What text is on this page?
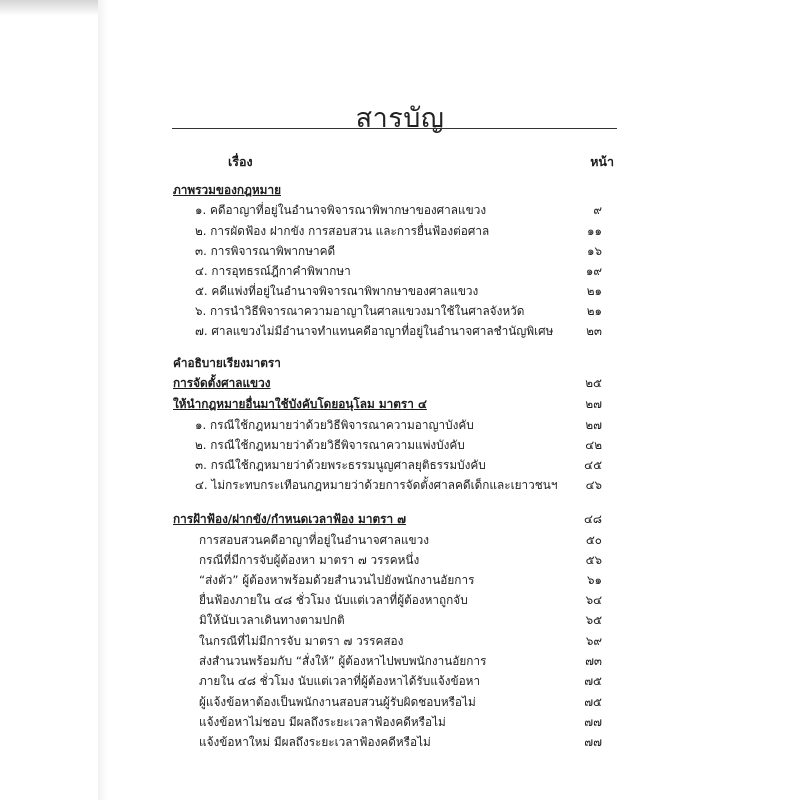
สารบัญ
เรื่อง	หน้า
ภาพรวมของกฎหมาย
๑. คดีอาญาที่อยู่ในอำนาจพิจารณาพิพากษาของศาลแขวง	๙
๒. การผัดฟ้อง ฝากขัง การสอบสวน และการยื่นฟ้องต่อศาล	๑๑
๓. การพิจารณาพิพากษาคดี	๑๖
๔. การอุทธรณ์ฎีกาคำพิพากษา	๑๙
๕. คดีแพ่งที่อยู่ในอำนาจพิจารณาพิพากษาของศาลแขวง	๒๑
๖. การนำวิธีพิจารณาความอาญาในศาลแขวงมาใช้ในศาลจังหวัด	๒๑
๗. ศาลแขวงไม่มีอำนาจทำแทนคดีอาญาที่อยู่ในอำนาจศาลชำนัญพิเศษ	๒๓
คำอธิบายเรียงมาตรา
การจัดตั้งศาลแขวง	๒๕
ให้นำกฎหมายอื่นมาใช้บังคับโดยอนุโลม มาตรา ๔	๒๗
๑. กรณีใช้กฎหมายว่าด้วยวิธีพิจารณาความอาญาบังคับ	๒๗
๒. กรณีใช้กฎหมายว่าด้วยวิธีพิจารณาความแพ่งบังคับ	๔๒
๓. กรณีใช้กฎหมายว่าด้วยพระธรรมนูญศาลยุติธรรมบังคับ	๔๕
๔. ไม่กระทบกระเทือนกฎหมายว่าด้วยการจัดตั้งศาลคดีเด็กและเยาวชนฯ ๔๖
การฝ้าฟ้อง/ฝากขัง/กำหนดเวลาฟ้อง มาตรา ๗	๔๘
การสอบสวนคดีอาญาที่อยู่ในอำนาจศาลแขวง	๕๐
กรณีที่มีการจับผู้ต้องหา มาตรา ๗ วรรคหนึ่ง	๕๖
“ส่งตัว” ผู้ต้องหาพร้อมด้วยสำนวนไปยังพนักงานอัยการ	๖๑
ยื่นฟ้องภายใน ๔๘ ชั่วโมง นับแต่เวลาที่ผู้ต้องหาถูกจับ	๖๔
มิให้นับเวลาเดินทางตามปกติ	๖๕
ในกรณีที่ไม่มีการจับ มาตรา ๗ วรรคสอง	๖๙
ส่งสำนวนพร้อมกับ “สั่งให้” ผู้ต้องหาไปพบพนักงานอัยการ	๗๓
ภายใน ๔๘ ชั่วโมง นับแต่เวลาที่ผู้ต้องหาได้รับแจ้งข้อหา	๗๕
ผู้แจ้งข้อหาต้องเป็นพนักงานสอบสวนผู้รับผิดชอบหรือไม่	๗๕
แจ้งข้อหาไม่ชอบ มีผลถึงระยะเวลาฟ้องคดีหรือไม่	๗๗
แจ้งข้อหาใหม่ มีผลถึงระยะเวลาฟ้องคดีหรือไม่	๗๗
